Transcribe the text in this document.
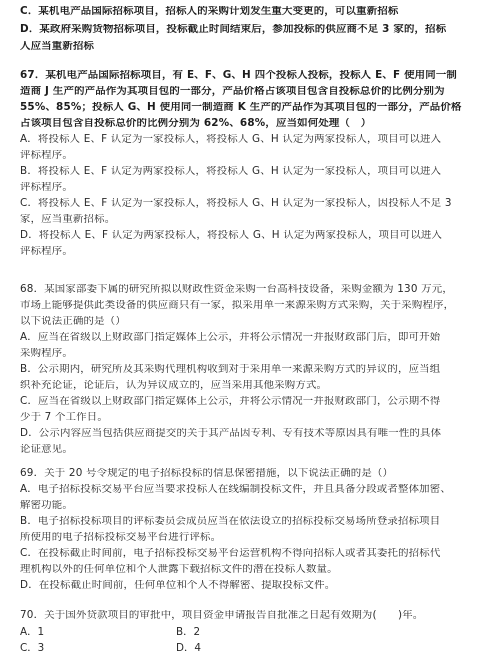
C．某机电产品国际招标项目，招标人的采购计划发生重大变更的，可以重新招标
D．某政府采购货物招标项目，投标截止时间结束后，参加投标的供应商不足 3 家的，招标
人应当重新招标
67．某机电产品国际招标项目，有 E、F、G、H 四个投标人投标，投标人 E、F 使用同一制
造商 J 生产的产品作为其项目包的一部分，产品价格占该项目包含自投标总价的比例分别为
55%、85%；投标人 G、H 使用同一制造商 K 生产的产品作为其项目包的一部分，产品价格
占该项目包含自投标总价的比例分别为 62%、68%，应当如何处理（　）
A．将投标人 E、F 认定为一家投标人，将投标人 G、H 认定为两家投标人，项目可以进入
评标程序。
B．将投标人 E、F 认定为两家投标人，将投标人 G、H 认定为一家投标人，项目可以进入
评标程序。
C．将投标人 E、F 认定为一家投标人，将投标人 G、H 认定为一家投标人，因投标人不足 3
家，应当重新招标。
D．将投标人 E、F 认定为两家投标人，将投标人 G、H 认定为两家投标人，项目可以进入
评标程序。
68．某国家部委下属的研究所拟以财政性资金采购一台高科技设备，采购金额为 130 万元，
市场上能够提供此类设备的供应商只有一家，拟采用单一来源采购方式采购，关于采购程序，
以下说法正确的是（）
A．应当在省级以上财政部门指定媒体上公示，并将公示情况一并报财政部门后，即可开始
采购程序。
B．公示期内，研究所及其采购代理机构收到对于采用单一来源采购方式的异议的，应当组
织补充论证，论证后，认为异议成立的，应当采用其他采购方式。
C．应当在省级以上财政部门指定媒体上公示，并将公示情况一并报财政部门，公示期不得
少于 7 个工作日。
D．公示内容应当包括供应商提交的关于其产品因专利、专有技术等原因具有唯一性的具体
论证意见。
69．关于 20 号令规定的电子招标投标的信息保密措施，以下说法正确的是（）
A．电子招标投标交易平台应当要求投标人在线编制投标文件，并且具备分段或者整体加密、
解密功能。
B．电子招标投标项目的评标委员会成员应当在依法设立的招标投标交易场所登录招标项目
所使用的电子招标投标交易平台进行评标。
C．在投标截止时间前，电子招标投标交易平台运营机构不得向招标人或者其委托的招标代
理机构以外的任何单位和个人泄露下载招标文件的潜在投标人数量。
D．在投标截止时间前，任何单位和个人不得解密、提取投标文件。
70．关于国外贷款项目的审批中，项目资金申请报告自批准之日起有效期为(　　)年。
A．1	B．2
C．3	D．4
